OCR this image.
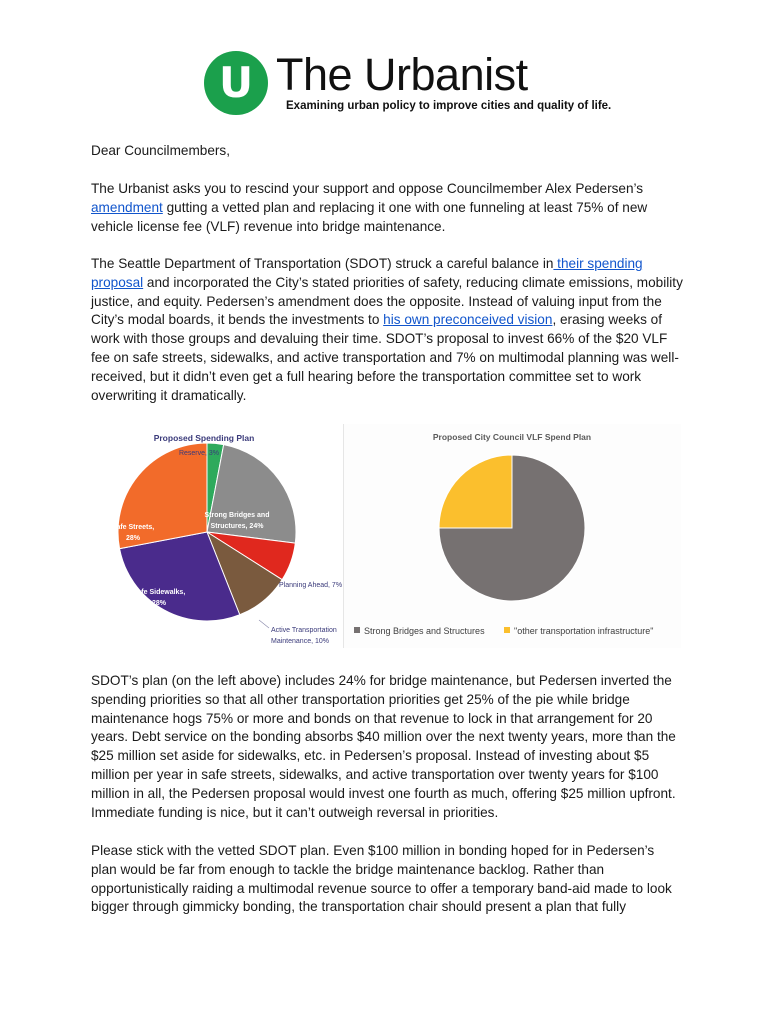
U The Urbanist
Examining urban policy to improve cities and quality of life.

Dear Councilmembers,

The Urbanist asks you to rescind your support and oppose Councilmember Alex Pedersen’s amendment gutting a vetted plan and replacing it one with one funneling at least 75% of new vehicle license fee (VLF) revenue into bridge maintenance.

The Seattle Department of Transportation (SDOT) struck a careful balance in their spending proposal and incorporated the City’s stated priorities of safety, reducing climate emissions, mobility justice, and equity. Pedersen’s amendment does the opposite. Instead of valuing input from the City’s modal boards, it bends the investments to his own preconceived vision, erasing weeks of work with those groups and devaluing their time. SDOT’s proposal to invest 66% of the $20 VLF fee on safe streets, sidewalks, and active transportation and 7% on multimodal planning was well-received, but it didn’t even get a full hearing before the transportation committee set to work overwriting it dramatically.

Proposed Spending Plan
Reserve, 3%
Strong Bridges and
Structures, 24%
Planning Ahead, 7%
Active Transportation
Maintenance, 10%
Safe Sidewalks,
28%
Safe Streets,
28%
Proposed City Council VLF Spend Plan
Strong Bridges and Structures	"other transportation infrastructure"

SDOT’s plan (on the left above) includes 24% for bridge maintenance, but Pedersen inverted the spending priorities so that all other transportation priorities get 25% of the pie while bridge maintenance hogs 75% or more and bonds on that revenue to lock in that arrangement for 20 years. Debt service on the bonding absorbs $40 million over the next twenty years, more than the $25 million set aside for sidewalks, etc. in Pedersen’s proposal. Instead of investing about $5 million per year in safe streets, sidewalks, and active transportation over twenty years for $100 million in all, the Pedersen proposal would invest one fourth as much, offering $25 million upfront. Immediate funding is nice, but it can’t outweigh reversal in priorities.

Please stick with the vetted SDOT plan. Even $100 million in bonding hoped for in Pedersen’s plan would be far from enough to tackle the bridge maintenance backlog. Rather than opportunistically raiding a multimodal revenue source to offer a temporary band-aid made to look bigger through gimmicky bonding, the transportation chair should present a plan that fully
